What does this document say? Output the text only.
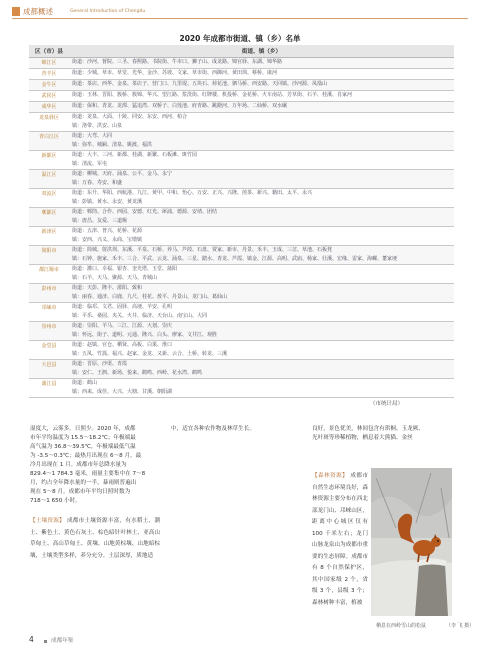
成都概述	General Introduction of Chengdu
2020 年成都市街道、镇（乡）名单
区（市）县	街道、镇（乡）
锦江区	街道：沙河、督院、三圣、春熙路、书院街、牛市口、狮子山、成龙路、锦官驿、东湖、锦华路

青羊区	街道：少城、草市、草堂、光华、金沙、苏坡、文家、草市街、西御河、黄田坝、蔡桥、康河

金牛区	街道：茶店、西华、金泉、茶店子、营门口、九里堤、五块石、荷花池、驷马桥、西安路、天回镇、沙河源、凤凰山

武侯区	街道：玉林、晋阳、簇桥、簇锦、华兴、望江路、浆洗街、红牌楼、机投桥、金花桥、火车南站、芳草街、石羊、桂溪、肖家河

成华区	街道：保和、青龙、龙潭、猛追湾、双桥子、白莲池、府青路、跳蹬河、万年场、二仙桥、双水碾

龙泉驿区	街道：龙泉、大面、十陵、同安、东安、西河、柏合
镇：洛带、洪安、山泉

青白江区	街道：大弯、大同
镇：弥牟、城厢、清泉、姚渡、福洪

新都区	街道：大丰、三河、新都、桂湖、新繁、石板滩、斑竹园
镇：清流、军屯

温江区	街道：柳城、天府、涌泉、公平、金马、永宁
镇：万春、寿安、和盛

双流区	街道：东升、华阳、西航港、九江、黄甲、中和、怡心、万安、正兴、兴隆、煎茶、新兴、籍田、太平、永兴
镇：彭镇、黄水、永安、黄龙溪

郫都区	街道：郫筒、合作、西园、安德、红光、犀浦、德源、安靖、团结
镇：唐昌、友爱、三道堰

新津区	街道：五津、普兴、花桥、花源
镇：安西、兴义、永商、宝墩镇

简阳市	街道：简城、射洪坝、东溪、平泉、石桥、养马、芦葭、石盘、贾家、新市、丹景、禾丰、玉成、三岔、草池、石板凳
镇：石钟、施家、禾丰、三合、平武、云龙、涌泉、三星、踏水、青龙、芦霞、镇金、江源、高明、武庙、杨家、壮溪、宏缘、雷家、海螺、董家埂

都江堰市	街道：灌口、幸福、银杏、奎光塔、玉堂、蒲阳
镇：石羊、天马、聚源、天马、青城山

彭州市	街道：天彭、隆丰、濛阳、致和
镇：丽春、通济、白鹿、九尺、桂花、敖平、丹景山、龙门山、葛仙山

邛崃市	街道：临邛、文君、固驿、高埂、羊安、孔明
镇：平乐、桑园、夹关、火井、临济、天台山、南宝山、大同

崇州市	街道：崇阳、羊马、三江、江源、大划、崇庆
镇：怀远、街子、道明、元通、隆兴、白头、廖家、文井江、观胜

金堂县	街道：赵镇、官仓、栖贤、高板、白果、淮口
镇：五凤、竹篙、福兴、赵家、金龙、又新、云合、土桥、转龙、三溪

大邑县	街道：晋原、沙渠、青霞
镇：安仁、王泗、新场、悦来、鹤鸣、西岭、花水湾、鹤鸣

蒲江县	街道：鹤山
镇：西来、成佳、大兴、大塘、甘溪、朝阳湖
（市统计局）
湿度大，云雾多，日照少。2020 年，成都
市年平均温度为 15.5～18.2℃；年极端最
高气温为 36.8～39.5℃，年极端最低气温
为 -3.5～0.3℃；最热月出现在 6～8 月，最
冷月出现在 1 月。成都市年总降水量为
829.4～1 784.3 毫米，雨量主要集中在 7～8
月，约占全年降水量的一半，暴雨则普遍出
现在 5～8 月。成都市年平均日照时数为
718～1 650 小时。
【土壤资源】 成都市土壤资源丰富，有水稻土、潮土、紫色土、黄色石灰土、棕色暗针叶林土、亚高山草甸土、高山草甸土、黄壤、山地黄棕壤、山地暗棕壤，土壤类型多样，养分充分。土层深厚，质地适
中，适宜各种农作物及林草生长。	良好，景色优美，林间包含有珙桐、玉龙厥、
光叶斑等珍稀植物，栖息着大熊猫、金丝
【森林资源】 成都市自然生态环境良好，森林资源主要分布在西北部龙门山、邛崃山区，距离中心城区仅有 100 千米左右；龙门山脉龙泉山为成都市重要的生态屏障。成都市有 8 个自然保护区，其中国家级 2 个，省级 3 个，县级 3 个；森林树种丰富，植被
栖息在西岭雪山的松鼠	（李 飞 摄）
4	成都年鉴
